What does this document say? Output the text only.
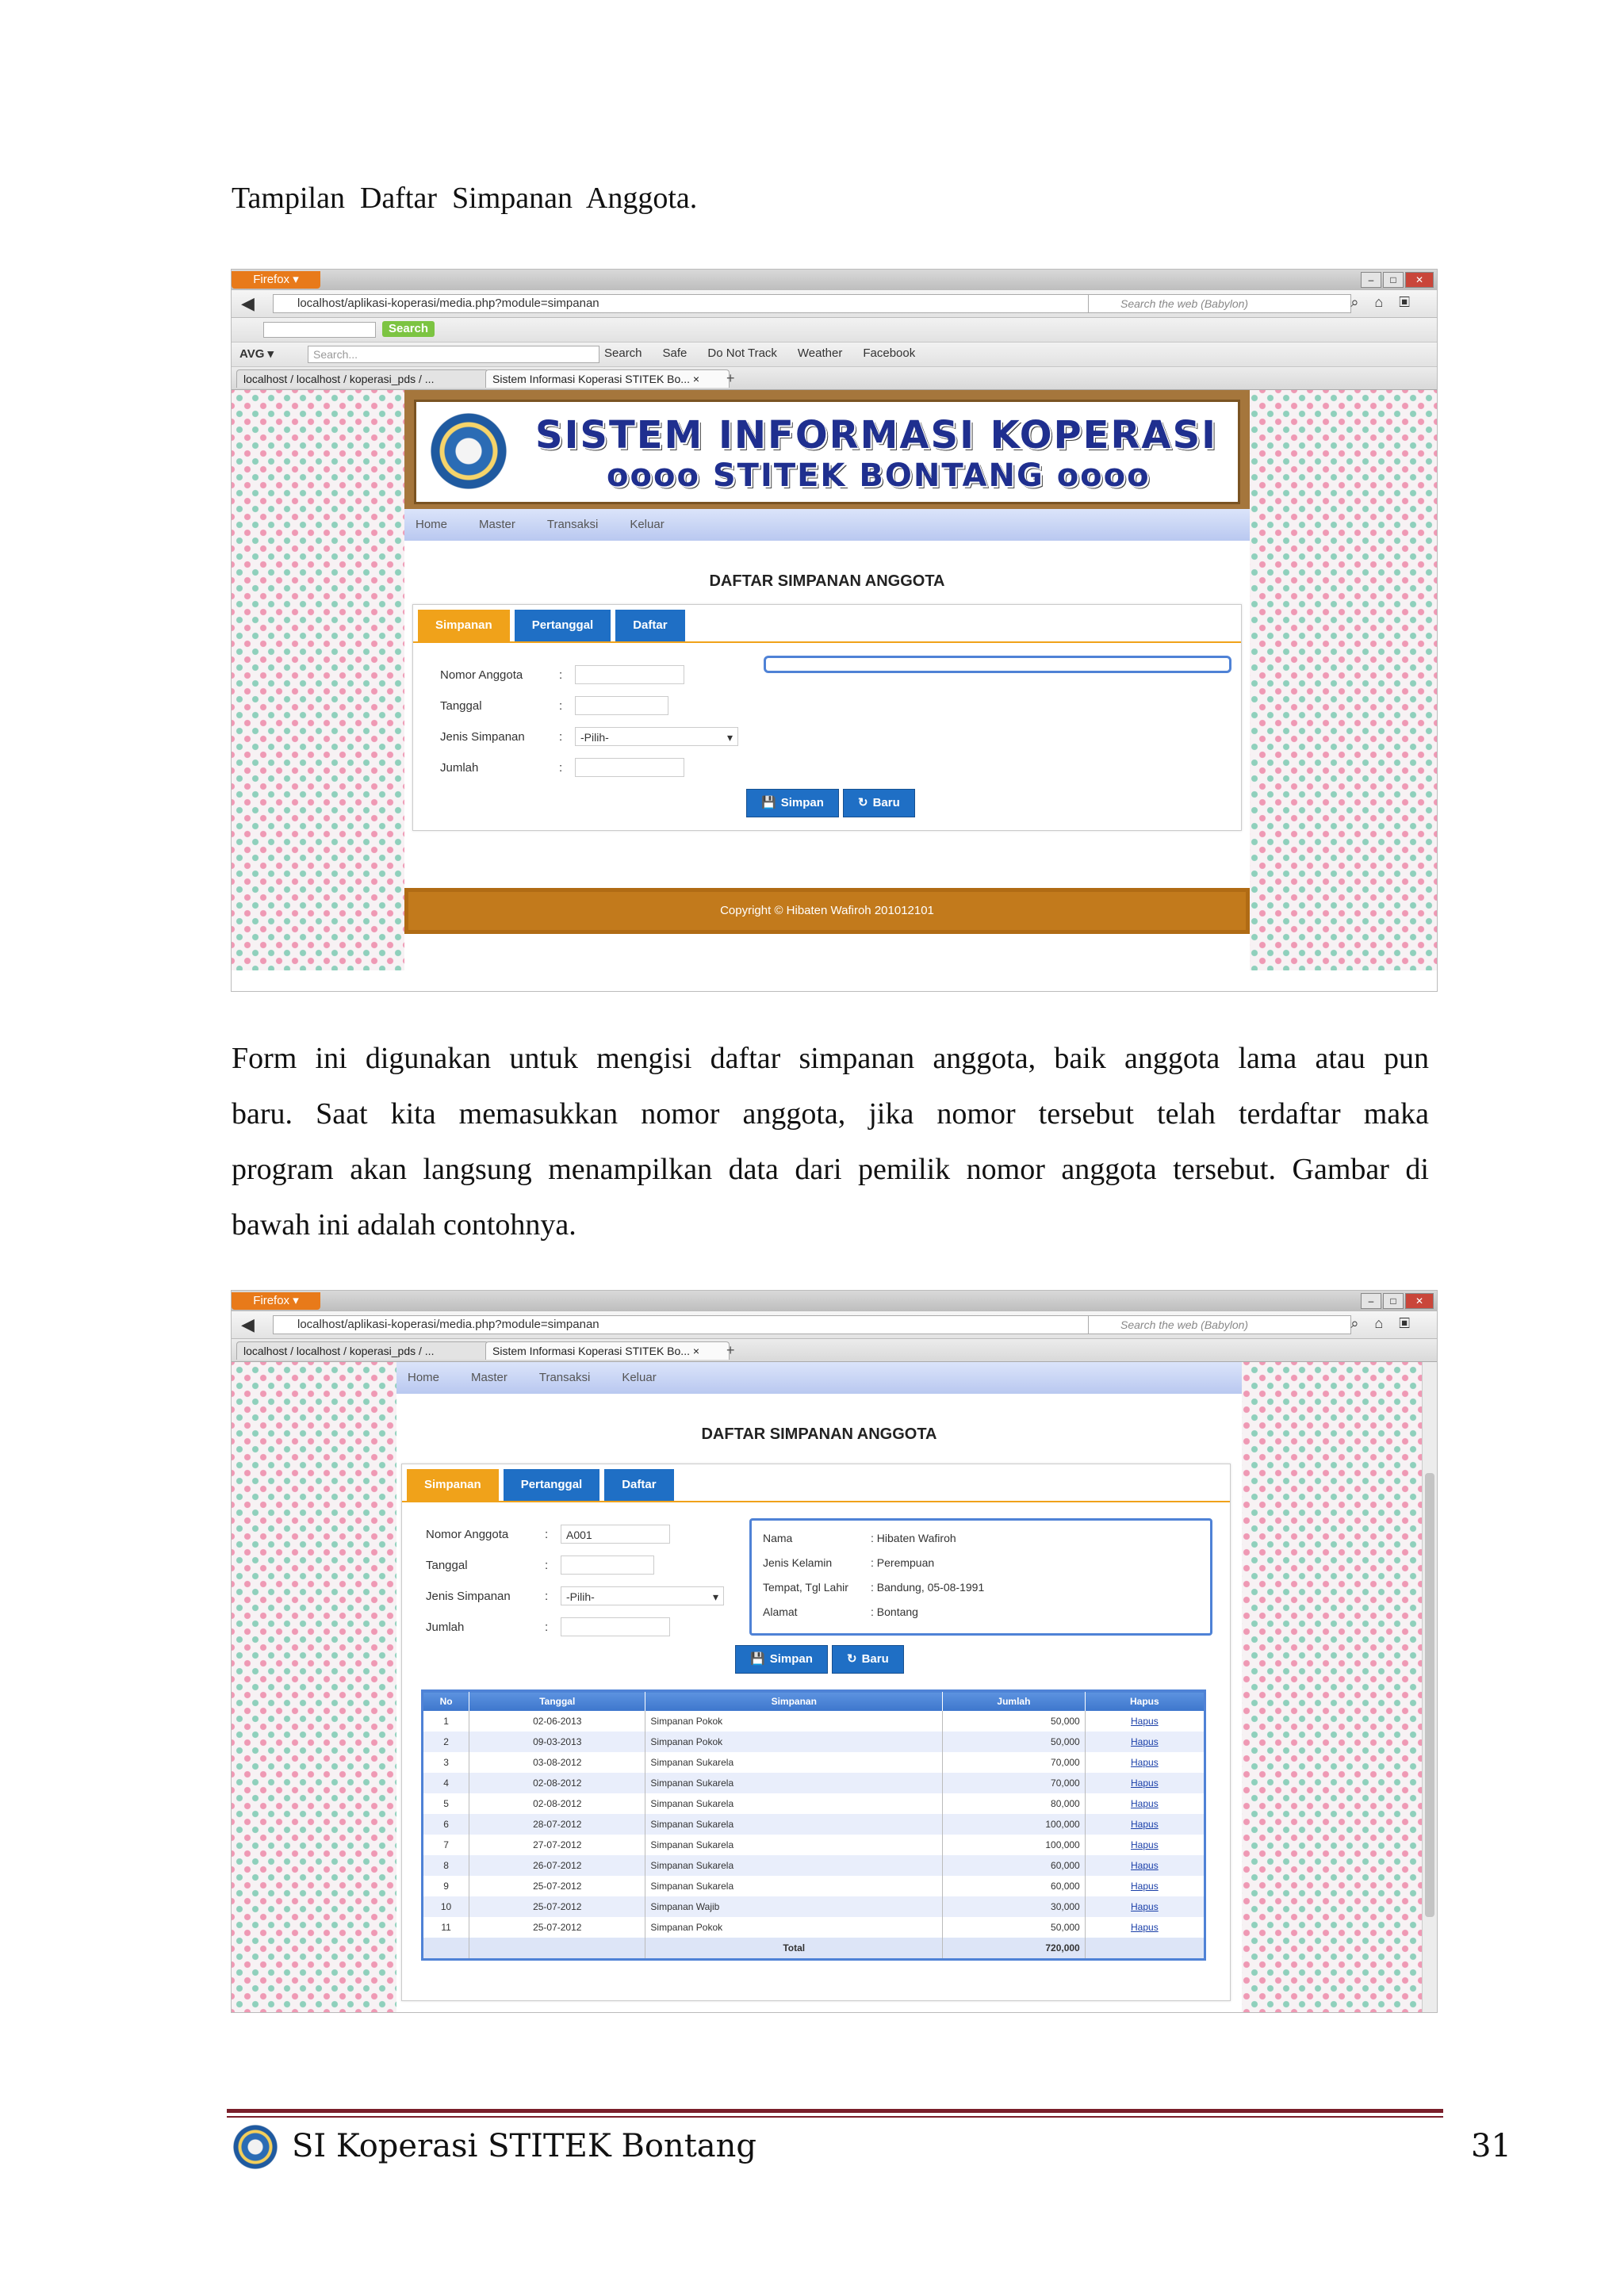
Tampilan  Daftar  Simpanan  Anggota.
Firefox ▾	–	□	✕
◀	localhost/aplikasi-koperasi/media.php?module=simpanan	Search the web (Babylon)	⌕⌂▣
Search
AVG ▾	Search...	Search Safe Do Not Track Weather Facebook
localhost / localhost / koperasi_pds / ...	Sistem Informasi Koperasi STITEK Bo... ×	+
SISTEM INFORMASI KOPERASI
oooo STITEK BONTANG oooo
Home	Master	Transaksi	Keluar
DAFTAR SIMPANAN ANGGOTA
Simpanan	Pertanggal	Daftar
Nomor Anggota	:
Tanggal	:
Jenis Simpanan	:	-Pilih- ▾
Jumlah	:
💾 Simpan	↻ Baru
Copyright © Hibaten Wafiroh 201012101
Form ini digunakan untuk mengisi daftar simpanan anggota, baik anggota lama atau pun
baru. Saat kita memasukkan nomor anggota, jika nomor tersebut telah terdaftar maka
program akan langsung menampilkan data dari pemilik nomor anggota tersebut. Gambar di
bawah ini adalah contohnya.
Firefox ▾	–	□	✕
◀	localhost/aplikasi-koperasi/media.php?module=simpanan	Search the web (Babylon)	⌕⌂▣
localhost / localhost / koperasi_pds / ...	Sistem Informasi Koperasi STITEK Bo... ×	+
Home	Master	Transaksi	Keluar
DAFTAR SIMPANAN ANGGOTA
Simpanan	Pertanggal	Daftar
Nomor Anggota	:	A001
Tanggal	:
Jenis Simpanan	:	-Pilih- ▾
Jumlah	:
Nama	: Hibaten Wafiroh
Jenis Kelamin	: Perempuan
Tempat, Tgl Lahir : Bandung, 05-08-1991
Alamat	: Bontang
💾 Simpan	↻ Baru
No	Tanggal	Simpanan	Jumlah	Hapus
1	02-06-2013	Simpanan Pokok	50,000	Hapus
2	09-03-2013	Simpanan Pokok	50,000	Hapus
3	03-08-2012	Simpanan Sukarela	70,000	Hapus
4	02-08-2012	Simpanan Sukarela	70,000	Hapus
5	02-08-2012	Simpanan Sukarela	80,000	Hapus
6	28-07-2012	Simpanan Sukarela	100,000	Hapus
7	27-07-2012	Simpanan Sukarela	100,000	Hapus
8	26-07-2012	Simpanan Sukarela	60,000	Hapus
9	25-07-2012	Simpanan Sukarela	60,000	Hapus
10	25-07-2012	Simpanan Wajib	30,000	Hapus
11	25-07-2012	Simpanan Pokok	50,000	Hapus
		Total	720,000	
SI Koperasi STITEK Bontang	31
